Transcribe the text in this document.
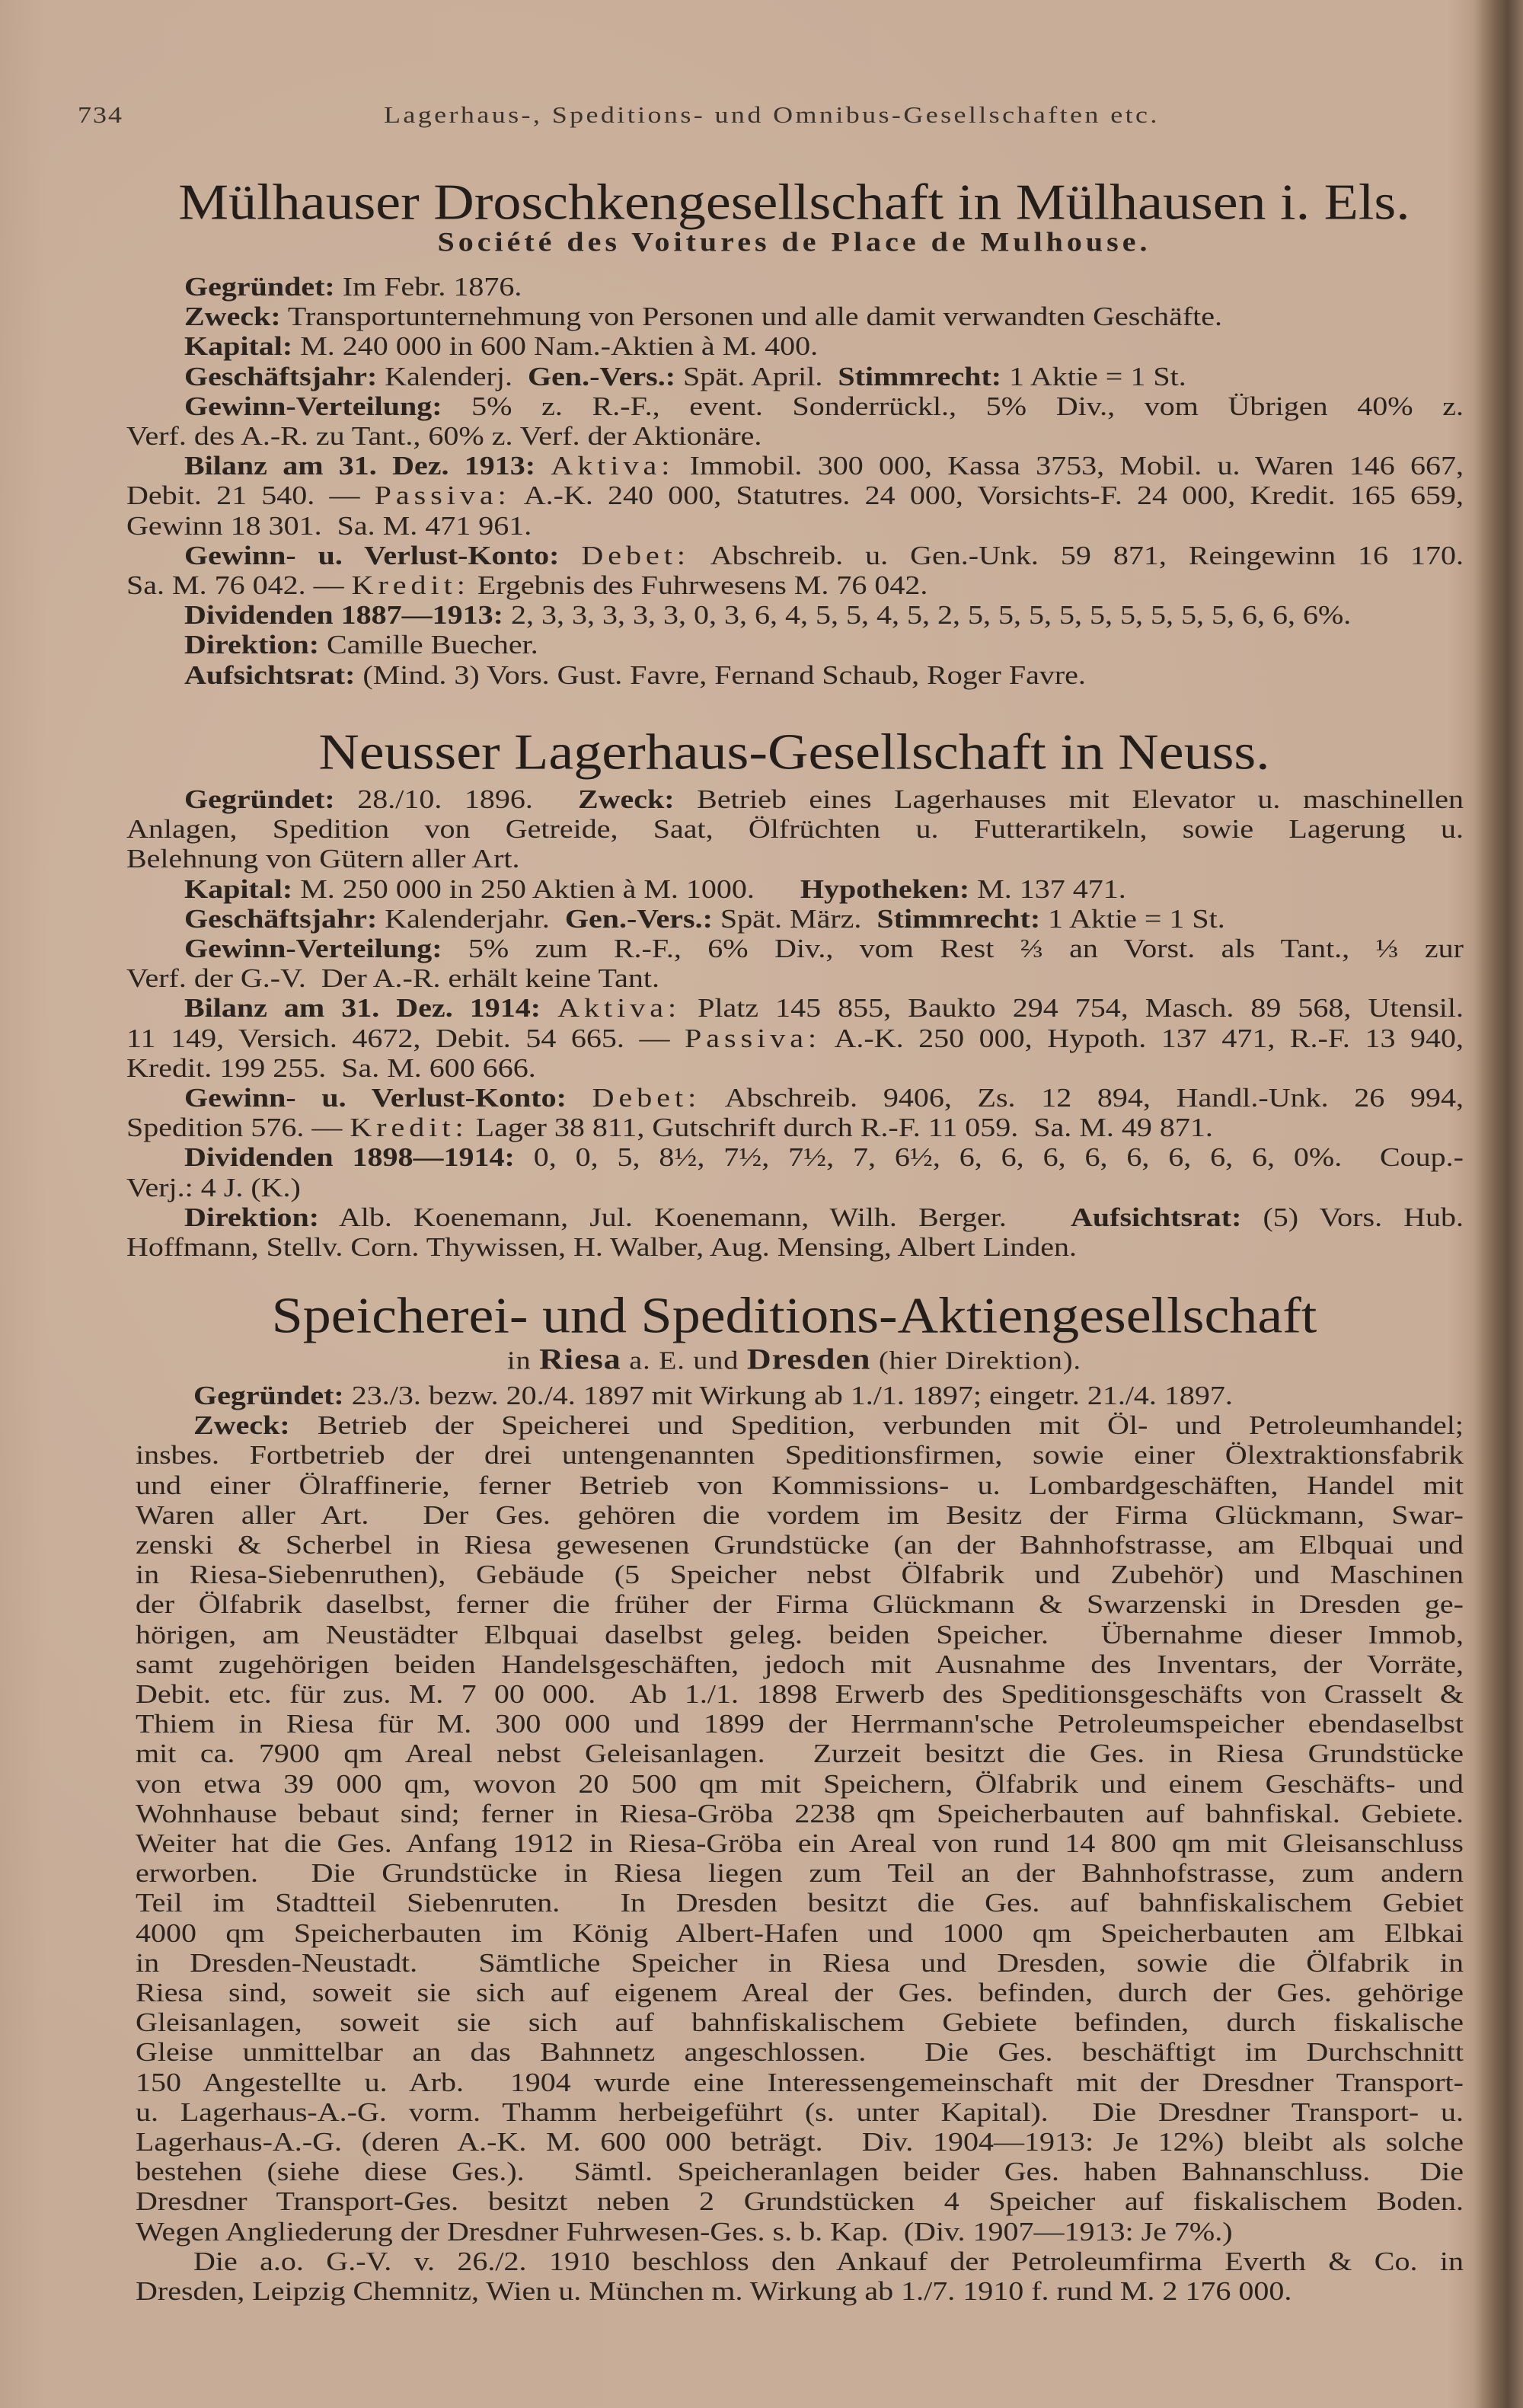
734	Lagerhaus-, Speditions- und Omnibus-Gesellschaften etc.
Mülhauser Droschkengesellschaft in Mülhausen i. Els.
Société des Voitures de Place de Mulhouse.
Gegründet: Im Febr. 1876.
Zweck: Transportunternehmung von Personen und alle damit verwandten Geschäfte.
Kapital: M. 240 000 in 600 Nam.-Aktien à M. 400.
Geschäftsjahr: Kalenderj.  Gen.-Vers.: Spät. April.  Stimmrecht: 1 Aktie = 1 St.
Gewinn-Verteilung: 5% z. R.-F., event. Sonderrückl., 5% Div., vom Übrigen 40% z.
Verf. des A.-R. zu Tant., 60% z. Verf. der Aktionäre.
Bilanz am 31. Dez. 1913: Aktiva: Immobil. 300 000, Kassa 3753, Mobil. u. Waren 146 667,
Debit. 21 540. — Passiva: A.-K. 240 000, Statutres. 24 000, Vorsichts-F. 24 000, Kredit. 165 659,
Gewinn 18 301.  Sa. M. 471 961.
Gewinn- u. Verlust-Konto: Debet: Abschreib. u. Gen.-Unk. 59 871, Reingewinn 16 170.
Sa. M. 76 042. — Kredit: Ergebnis des Fuhrwesens M. 76 042.
Dividenden 1887—1913: 2, 3, 3, 3, 3, 3, 0, 3, 6, 4, 5, 5, 4, 5, 2, 5, 5, 5, 5, 5, 5, 5, 5, 5, 6, 6, 6%.
Direktion: Camille Buecher.
Aufsichtsrat: (Mind. 3) Vors. Gust. Favre, Fernand Schaub, Roger Favre.
Neusser Lagerhaus-Gesellschaft in Neuss.
Gegründet: 28./10. 1896.  Zweck: Betrieb eines Lagerhauses mit Elevator u. maschinellen
Anlagen, Spedition von Getreide, Saat, Ölfrüchten u. Futterartikeln, sowie Lagerung u.
Belehnung von Gütern aller Art.
Kapital: M. 250 000 in 250 Aktien à M. 1000.      Hypotheken: M. 137 471.
Geschäftsjahr: Kalenderjahr.  Gen.-Vers.: Spät. März.  Stimmrecht: 1 Aktie = 1 St.
Gewinn-Verteilung: 5% zum R.-F., 6% Div., vom Rest ⅔ an Vorst. als Tant., ⅓ zur
Verf. der G.-V.  Der A.-R. erhält keine Tant.
Bilanz am 31. Dez. 1914: Aktiva: Platz 145 855, Baukto 294 754, Masch. 89 568, Utensil.
11 149, Versich. 4672, Debit. 54 665. — Passiva: A.-K. 250 000, Hypoth. 137 471, R.-F. 13 940,
Kredit. 199 255.  Sa. M. 600 666.
Gewinn- u. Verlust-Konto: Debet: Abschreib. 9406, Zs. 12 894, Handl.-Unk. 26 994,
Spedition 576. — Kredit: Lager 38 811, Gutschrift durch R.-F. 11 059.  Sa. M. 49 871.
Dividenden 1898—1914: 0, 0, 5, 8½, 7½, 7½, 7, 6½, 6, 6, 6, 6, 6, 6, 6, 6, 0%.  Coup.-
Verj.: 4 J. (K.)
Direktion: Alb. Koenemann, Jul. Koenemann, Wilh. Berger.   Aufsichtsrat: (5) Vors. Hub.
Hoffmann, Stellv. Corn. Thywissen, H. Walber, Aug. Mensing, Albert Linden.
Speicherei- und Speditions-Aktiengesellschaft
in Riesa a. E. und Dresden (hier Direktion).
Gegründet: 23./3. bezw. 20./4. 1897 mit Wirkung ab 1./1. 1897; eingetr. 21./4. 1897.
Zweck: Betrieb der Speicherei und Spedition, verbunden mit Öl- und Petroleumhandel;
insbes. Fortbetrieb der drei untengenannten Speditionsfirmen, sowie einer Ölextraktionsfabrik
und einer Ölraffinerie, ferner Betrieb von Kommissions- u. Lombardgeschäften, Handel mit
Waren aller Art.  Der Ges. gehören die vordem im Besitz der Firma Glückmann, Swar-
zenski & Scherbel in Riesa gewesenen Grundstücke (an der Bahnhofstrasse, am Elbquai und
in Riesa-Siebenruthen), Gebäude (5 Speicher nebst Ölfabrik und Zubehör) und Maschinen
der Ölfabrik daselbst, ferner die früher der Firma Glückmann & Swarzenski in Dresden ge-
hörigen, am Neustädter Elbquai daselbst geleg. beiden Speicher.  Übernahme dieser Immob,
samt zugehörigen beiden Handelsgeschäften, jedoch mit Ausnahme des Inventars, der Vorräte,
Debit. etc. für zus. M. 7 00 000.  Ab 1./1. 1898 Erwerb des Speditionsgeschäfts von Crasselt &
Thiem in Riesa für M. 300 000 und 1899 der Herrmann'sche Petroleumspeicher ebendaselbst
mit ca. 7900 qm Areal nebst Geleisanlagen.  Zurzeit besitzt die Ges. in Riesa Grundstücke
von etwa 39 000 qm, wovon 20 500 qm mit Speichern, Ölfabrik und einem Geschäfts- und
Wohnhause bebaut sind; ferner in Riesa-Gröba 2238 qm Speicherbauten auf bahnfiskal. Gebiete.
Weiter hat die Ges. Anfang 1912 in Riesa-Gröba ein Areal von rund 14 800 qm mit Gleisanschluss
erworben.  Die Grundstücke in Riesa liegen zum Teil an der Bahnhofstrasse, zum andern
Teil im Stadtteil Siebenruten.  In Dresden besitzt die Ges. auf bahnfiskalischem Gebiet
4000 qm Speicherbauten im König Albert-Hafen und 1000 qm Speicherbauten am Elbkai
in Dresden-Neustadt.  Sämtliche Speicher in Riesa und Dresden, sowie die Ölfabrik in
Riesa sind, soweit sie sich auf eigenem Areal der Ges. befinden, durch der Ges. gehörige
Gleisanlagen, soweit sie sich auf bahnfiskalischem Gebiete befinden, durch fiskalische
Gleise unmittelbar an das Bahnnetz angeschlossen.  Die Ges. beschäftigt im Durchschnitt
150 Angestellte u. Arb.  1904 wurde eine Interessengemeinschaft mit der Dresdner Transport-
u. Lagerhaus-A.-G. vorm. Thamm herbeigeführt (s. unter Kapital).  Die Dresdner Transport- u.
Lagerhaus-A.-G. (deren A.-K. M. 600 000 beträgt.  Div. 1904—1913: Je 12%) bleibt als solche
bestehen (siehe diese Ges.).  Sämtl. Speicheranlagen beider Ges. haben Bahnanschluss.  Die
Dresdner Transport-Ges. besitzt neben 2 Grundstücken 4 Speicher auf fiskalischem Boden.
Wegen Angliederung der Dresdner Fuhrwesen-Ges. s. b. Kap.  (Div. 1907—1913: Je 7%.)
Die a.o. G.-V. v. 26./2. 1910 beschloss den Ankauf der Petroleumfirma Everth & Co. in
Dresden, Leipzig Chemnitz, Wien u. München m. Wirkung ab 1./7. 1910 f. rund M. 2 176 000.
